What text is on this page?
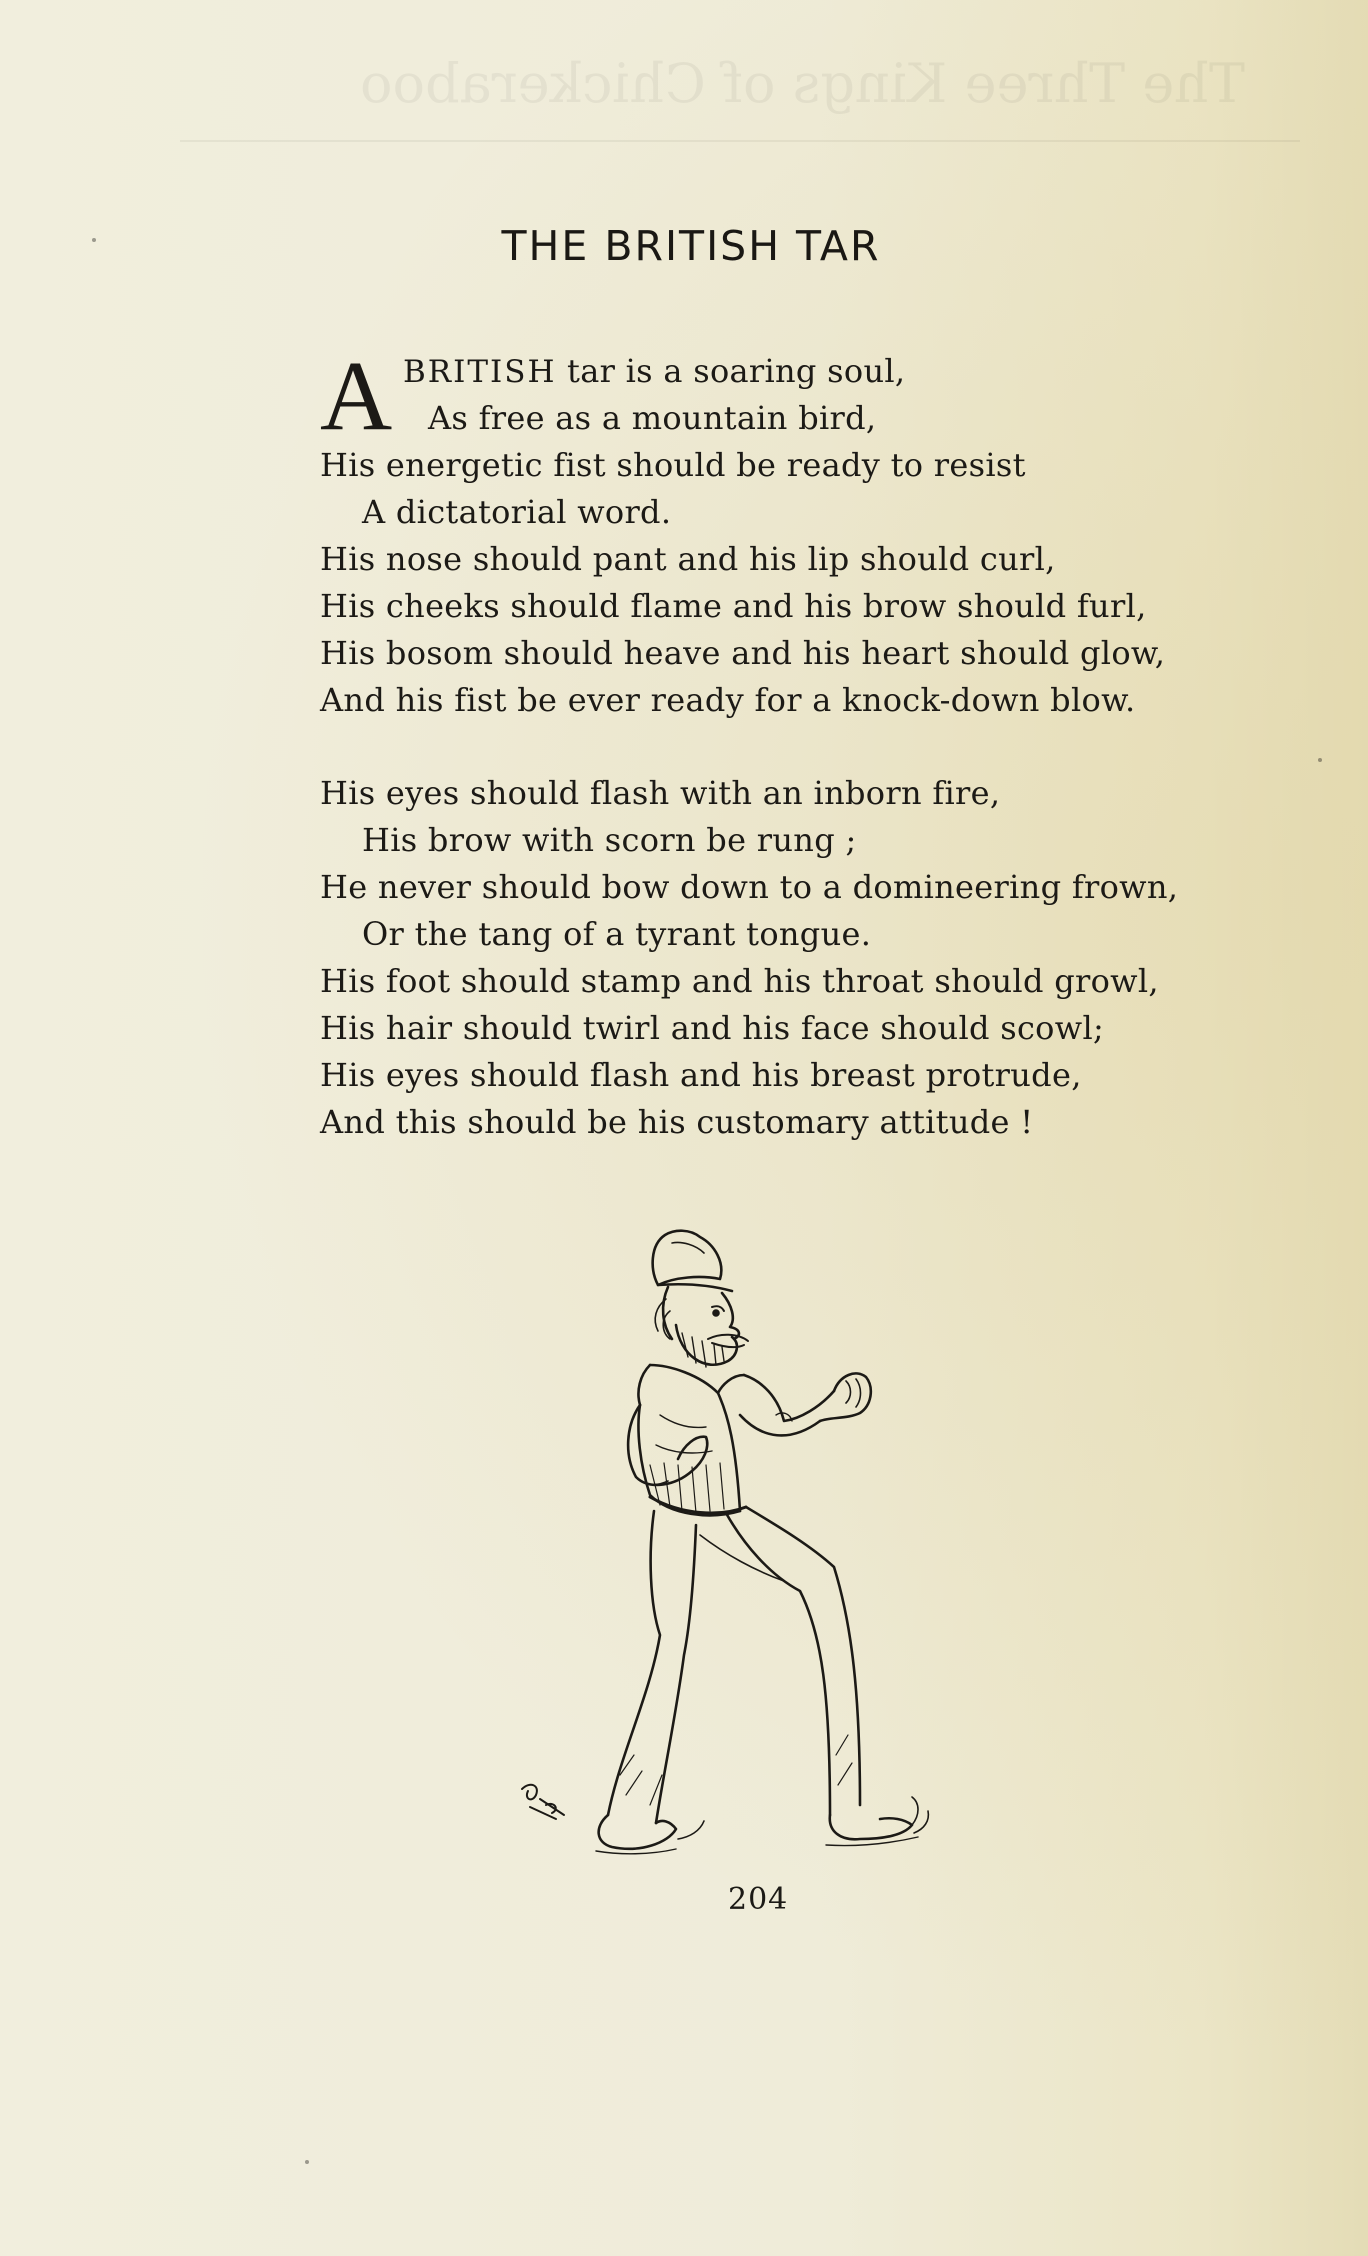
The Three Kings of Chickeraboo
THE BRITISH TAR
A BRITISH tar is a soaring soul,
As free as a mountain bird,
His energetic fist should be ready to resist
A dictatorial word.
His nose should pant and his lip should curl,
His cheeks should flame and his brow should furl,
His bosom should heave and his heart should glow,
And his fist be ever ready for a knock-down blow.
His eyes should flash with an inborn fire,
His brow with scorn be rung ;
He never should bow down to a domineering frown,
Or the tang of a tyrant tongue.
His foot should stamp and his throat should growl,
His hair should twirl and his face should scowl;
His eyes should flash and his breast protrude,
And this should be his customary attitude !
204
